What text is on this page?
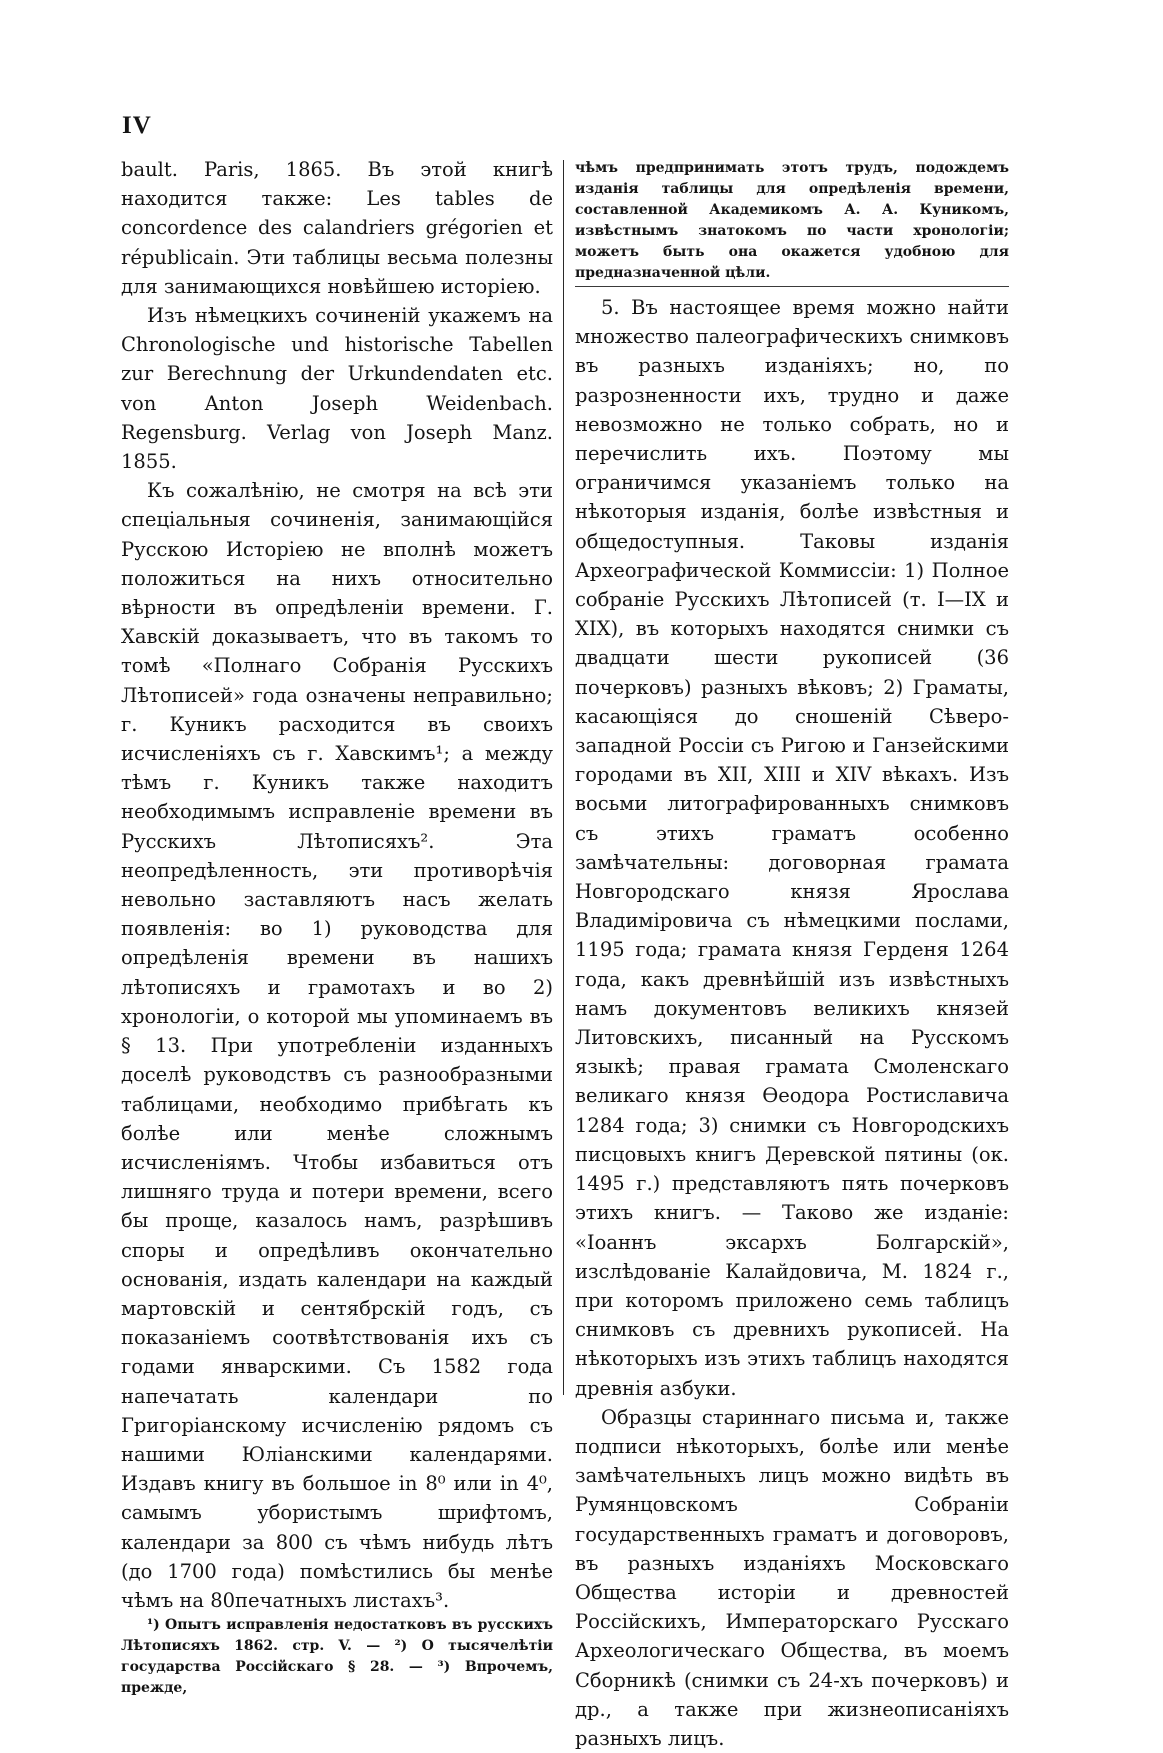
IV

bault. Paris, 1865. Въ этой книгѣ находится также: Les tables de concordence des calandriers grégorien et républicain. Эти таблицы весьма полезны для занимающихся новѣйшею исторіею.

Изъ нѣмецкихъ сочиненій укажемъ на Chronologische und historische Tabellen zur Berechnung der Urkundendaten etc. von Anton Joseph Weidenbach. Regensburg. Verlag von Joseph Manz. 1855.

Къ сожалѣнію, не смотря на всѣ эти спеціальныя сочиненія, занимающійся Русскою Исторіею не вполнѣ можетъ положиться на нихъ относительно вѣрности въ опредѣленіи времени. Г. Хавскій доказываетъ, что въ такомъ то томѣ «Полнаго Собранія Русскихъ Лѣтописей» года означены неправильно; г. Куникъ расходится въ своихъ исчисленіяхъ съ г. Хавскимъ¹; а между тѣмъ г. Куникъ также находитъ необходимымъ исправленіе времени въ Русскихъ Лѣтописяхъ². Эта неопредѣленность, эти противорѣчія невольно заставляютъ насъ желать появленія: во 1) руководства для опредѣленія времени въ нашихъ лѣтописяхъ и грамотахъ и во 2) хронологіи, о которой мы упоминаемъ въ § 13. При употребленіи изданныхъ доселѣ руководствъ съ разнообразными таблицами, необходимо прибѣгать къ болѣе или менѣе сложнымъ исчисленіямъ. Чтобы избавиться отъ лишняго труда и потери времени, всего бы проще, казалось намъ, разрѣшивъ споры и опредѣливъ окончательно основанія, издать календари на каждый мартовскій и сентябрскій годъ, съ показаніемъ соотвѣтствованія ихъ съ годами январскими. Съ 1582 года напечатать календари по Григоріанскому исчисленію рядомъ съ нашими Юліанскими календарями. Издавъ книгу въ большое in 8⁰ или in 4⁰, самымъ убористымъ шрифтомъ, календари за 800 съ чѣмъ нибудь лѣтъ (до 1700 года) помѣстились бы менѣе чѣмъ на 80печатныхъ листахъ³.

¹) Опытъ исправленія недостатковъ въ русскихъ Лѣтописяхъ 1862. стр. V. — ²) О тысячелѣтіи государства Россійскаго § 28. — ³) Впрочемъ, прежде,

чѣмъ предпринимать этотъ трудъ, подождемъ изданія таблицы для опредѣленія времени, составленной Академикомъ А. А. Куникомъ, извѣстнымъ знатокомъ по части хронологіи; можетъ быть она окажется удобною для предназначенной цѣли.

5. Въ настоящее время можно найти множество палеографическихъ снимковъ въ разныхъ изданіяхъ; но, по разрозненности ихъ, трудно и даже невозможно не только собрать, но и перечислить ихъ. Поэтому мы ограничимся указаніемъ только на нѣкоторыя изданія, болѣе извѣстныя и общедоступныя. Таковы изданія Археографической Коммиссіи: 1) Полное собраніе Русскихъ Лѣтописей (т. I—IX и XIX), въ которыхъ находятся снимки съ двадцати шести рукописей (36 почерковъ) разныхъ вѣковъ; 2) Граматы, касающіяся до сношеній Сѣверо-западной Россіи съ Ригою и Ганзейскими городами въ XII, XIII и XIV вѣкахъ. Изъ восьми литографированныхъ снимковъ съ этихъ граматъ особенно замѣчательны: договорная грамата Новгородскаго князя Ярослава Владиміровича съ нѣмецкими послами, 1195 года; грамата князя Герденя 1264 года, какъ древнѣйшій изъ извѣстныхъ намъ документовъ великихъ князей Литовскихъ, писанный на Русскомъ языкѣ; правая грамата Смоленскаго великаго князя Ѳеодора Ростиславича 1284 года; 3) снимки съ Новгородскихъ писцовыхъ книгъ Деревской пятины (ок. 1495 г.) представляютъ пять почерковъ этихъ книгъ. — Таково же изданіе: «Іоаннъ эксархъ Болгарскій», изслѣдованіе Калайдовича, М. 1824 г., при которомъ приложено семь таблицъ снимковъ съ древнихъ рукописей. На нѣкоторыхъ изъ этихъ таблицъ находятся древнія азбуки.

Образцы стариннаго письма и, также подписи нѣкоторыхъ, болѣе или менѣе замѣчательныхъ лицъ можно видѣть въ Румянцовскомъ Собраніи государственныхъ граматъ и договоровъ, въ разныхъ изданіяхъ Московскаго Общества исторіи и древностей Россійскихъ, Императорскаго Русскаго Археологическаго Общества, въ моемъ Сборникѣ (снимки съ 24-хъ почерковъ) и др., а также при жизнеописаніяхъ разныхъ лицъ.
